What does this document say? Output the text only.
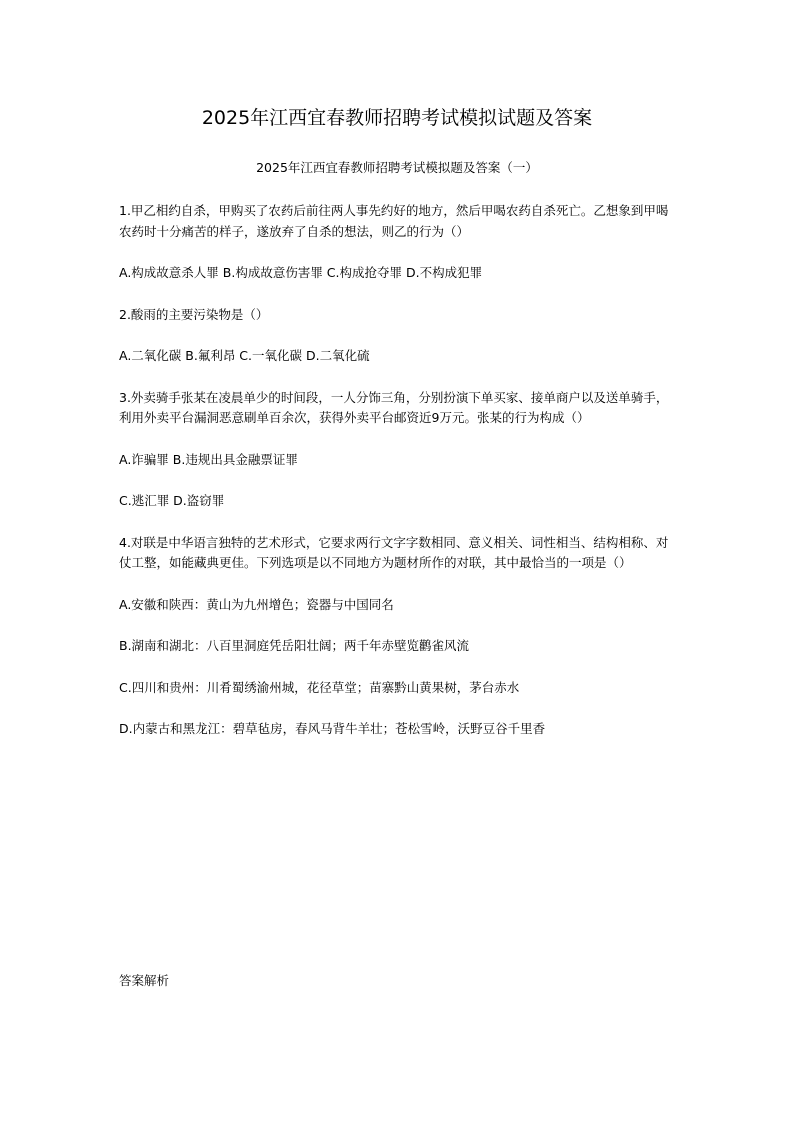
2025年江西宜春教师招聘考试模拟试题及答案
2025年江西宜春教师招聘考试模拟题及答案（一）

1.甲乙相约自杀，甲购买了农药后前往两人事先约好的地方，然后甲喝农药自杀死亡。乙想象到甲喝农药时十分痛苦的样子，遂放弃了自杀的想法，则乙的行为（）

A.构成故意杀人罪 B.构成故意伤害罪 C.构成抢夺罪 D.不构成犯罪

2.酸雨的主要污染物是（）

A.二氧化碳 B.氟利昂 C.一氧化碳 D.二氧化硫

3.外卖骑手张某在凌晨单少的时间段，一人分饰三角，分别扮演下单买家、接单商户以及送单骑手，利用外卖平台漏洞恶意刷单百余次，获得外卖平台邮资近9万元。张某的行为构成（）

A.诈骗罪 B.违规出具金融票证罪

C.逃汇罪 D.盗窃罪

4.对联是中华语言独特的艺术形式，它要求两行文字字数相同、意义相关、词性相当、结构相称、对仗工整，如能藏典更佳。下列选项是以不同地方为题材所作的对联，其中最恰当的一项是（）

A.安徽和陕西：黄山为九州增色；瓷器与中国同名

B.湖南和湖北：八百里洞庭凭岳阳壮阔；两千年赤壁览鹳雀风流

C.四川和贵州：川肴蜀绣渝州城，花径草堂；苗寨黔山黄果树，茅台赤水

D.内蒙古和黑龙江：碧草毡房，春风马背牛羊壮；苍松雪岭，沃野豆谷千里香

答案解析
